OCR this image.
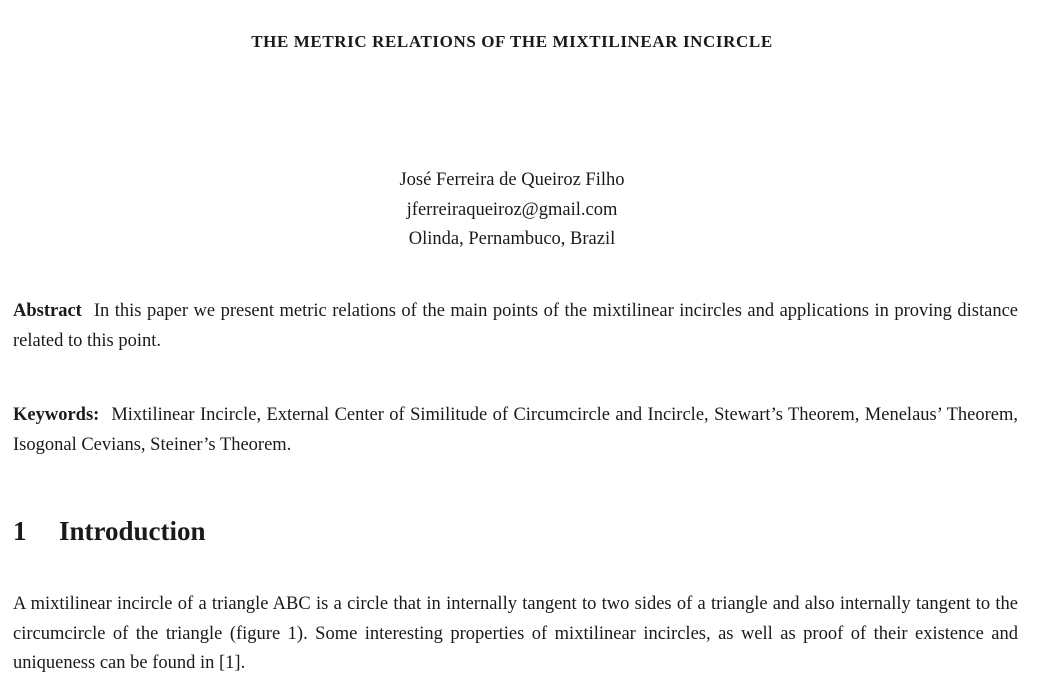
THE METRIC RELATIONS OF THE MIXTILINEAR INCIRCLE
José Ferreira de Queiroz Filho
jferreiraqueiroz@gmail.com
Olinda, Pernambuco, Brazil
Abstract In this paper we present metric relations of the main points of the mixtilinear incircles and applications in proving distance related to this point.
Keywords: Mixtilinear Incircle, External Center of Similitude of Circumcircle and Incircle, Stewart’s Theorem, Menelaus’ Theorem, Isogonal Cevians, Steiner’s Theorem.
1 Introduction
A mixtilinear incircle of a triangle ABC is a circle that in internally tangent to two sides of a triangle and also internally tangent to the circumcircle of the triangle (figure 1). Some interesting properties of mixtilinear incircles, as well as proof of their existence and uniqueness can be found in [1].
